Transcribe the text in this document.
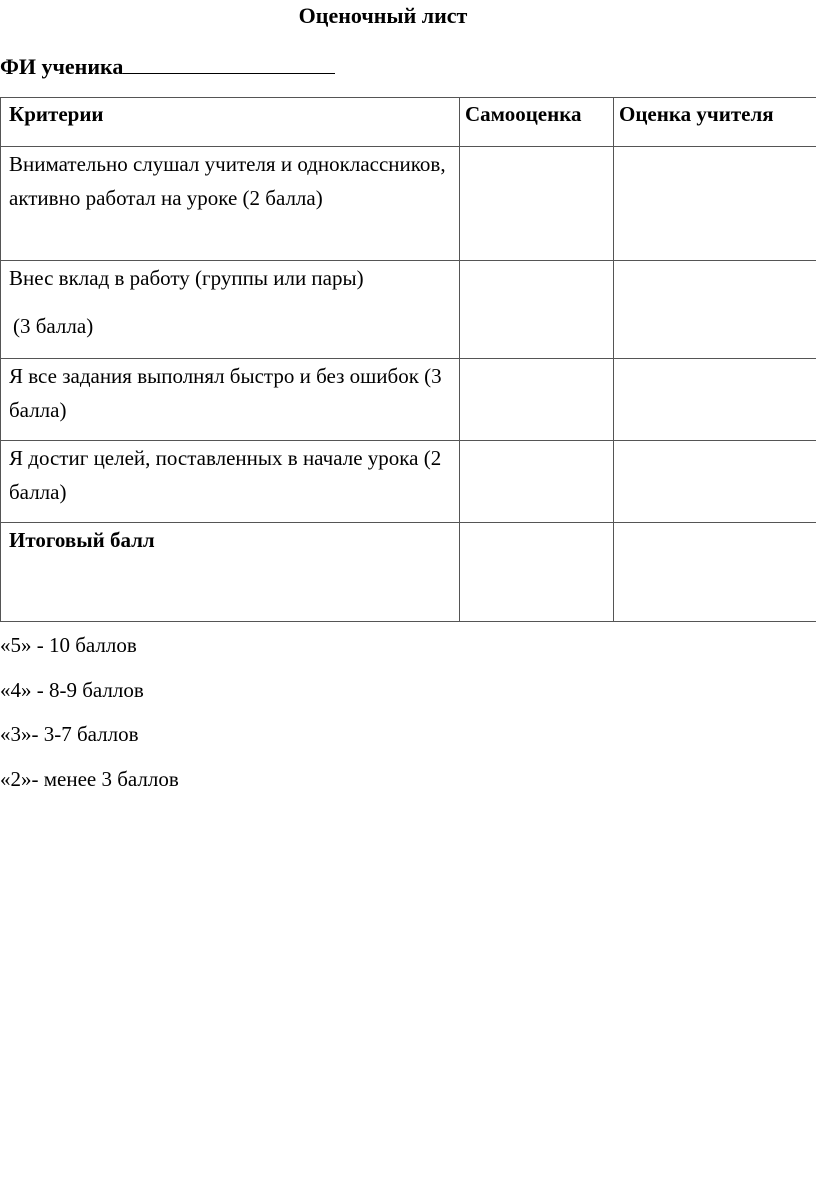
Оценочный лист
ФИ ученика
Критерии	Самооценка	Оценка учителя

Внимательно слушал учителя и одноклассников, активно работал на уроке (2 балла)		

Внес вклад в работу (группы или пары)
(3 балла)		

Я все задания выполнял быстро и без ошибок (3 балла)		

Я достиг целей, поставленных в начале урока (2 балла)		

Итоговый балл		
«5» - 10 баллов
«4» - 8-9 баллов
«3»- 3-7 баллов
«2»- менее 3 баллов
